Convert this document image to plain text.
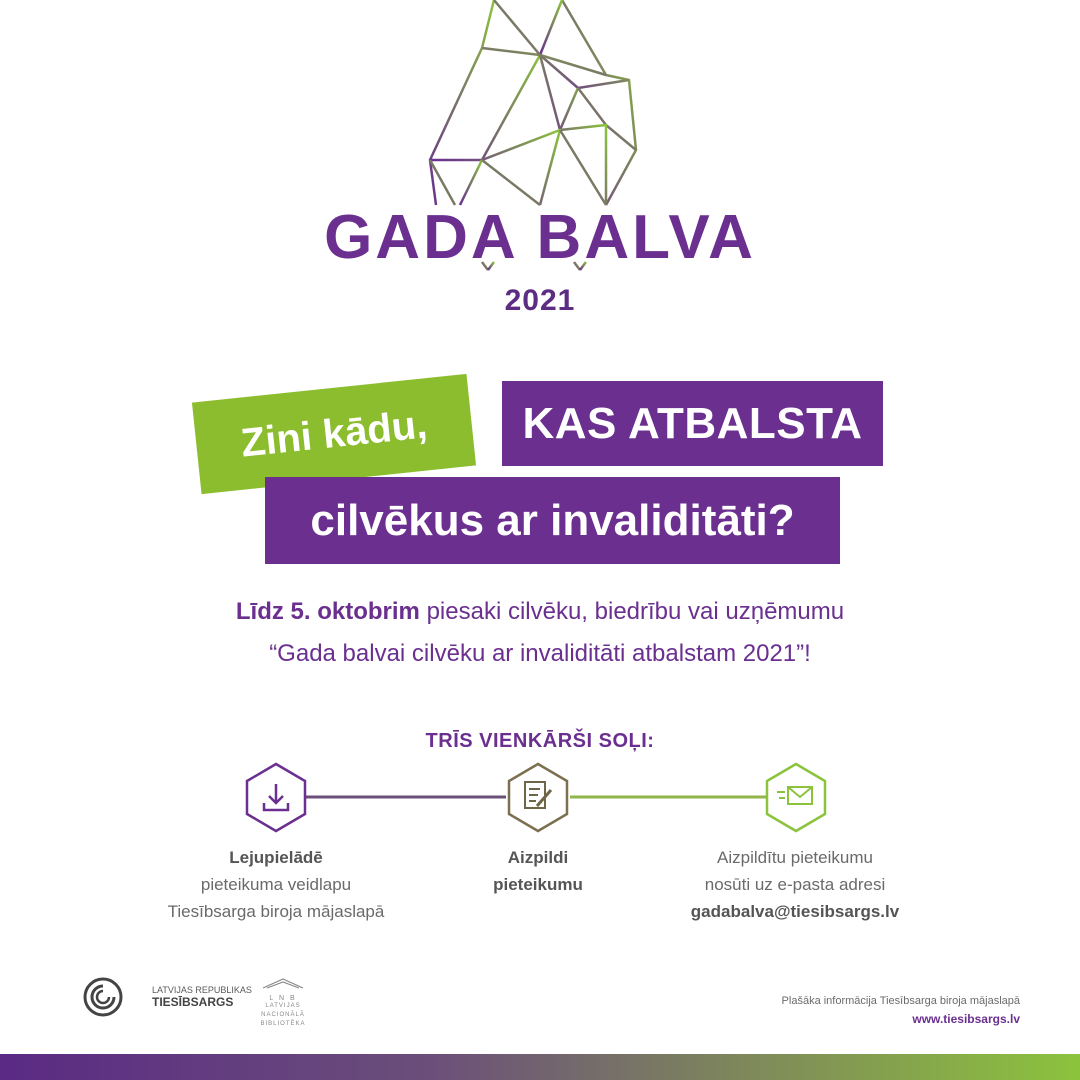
GADA BALVA
2021
Zini kādu, KAS ATBALSTA
cilvēkus ar invaliditāti?
Līdz 5. oktobrim piesaki cilvēku, biedrību vai uzņēmumu
“Gada balvai cilvēku ar invaliditāti atbalstam 2021”!
TRĪS VIENKĀRŠI SOĻI:
Lejupielādē
pieteikuma veidlapu
Tiesībsarga biroja mājaslapā
Aizpildi
pieteikumu
Aizpildītu pieteikumu
nosūti uz e-pasta adresi
gadabalva@tiesibsargs.lv
LATVIJAS REPUBLIKAS
TIESĪBSARGS	L N B
LATVIJAS
NACIONĀLĀ
BIBLIOTĒKA
Plašāka informācija Tiesībsarga biroja mājaslapā
www.tiesibsargs.lv
